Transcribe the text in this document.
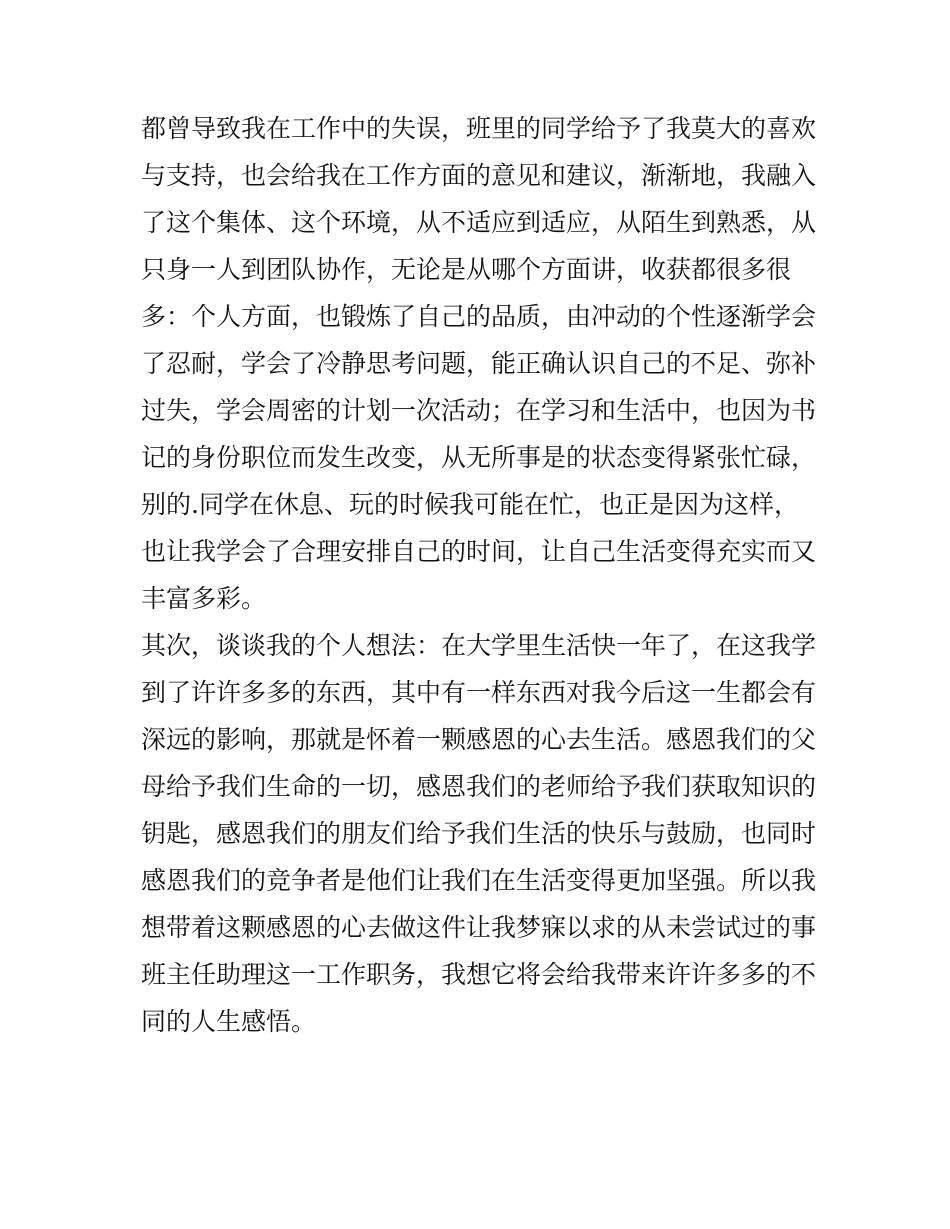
都曾导致我在工作中的失误，班里的同学给予了我莫大的喜欢
与支持，也会给我在工作方面的意见和建议，渐渐地，我融入
了这个集体、这个环境，从不适应到适应，从陌生到熟悉，从
只身一人到团队协作，无论是从哪个方面讲，收获都很多很
多：个人方面，也锻炼了自己的品质，由冲动的个性逐渐学会
了忍耐，学会了冷静思考问题，能正确认识自己的不足、弥补
过失，学会周密的计划一次活动；在学习和生活中，也因为书
记的身份职位而发生改变，从无所事是的状态变得紧张忙碌，
别的.同学在休息、玩的时候我可能在忙，也正是因为这样，
也让我学会了合理安排自己的时间，让自己生活变得充实而又
丰富多彩。
其次，谈谈我的个人想法：在大学里生活快一年了，在这我学
到了许许多多的东西，其中有一样东西对我今后这一生都会有
深远的影响，那就是怀着一颗感恩的心去生活。感恩我们的父
母给予我们生命的一切，感恩我们的老师给予我们获取知识的
钥匙，感恩我们的朋友们给予我们生活的快乐与鼓励，也同时
感恩我们的竞争者是他们让我们在生活变得更加坚强。所以我
想带着这颗感恩的心去做这件让我梦寐以求的从未尝试过的事
班主任助理这一工作职务，我想它将会给我带来许许多多的不
同的人生感悟。
